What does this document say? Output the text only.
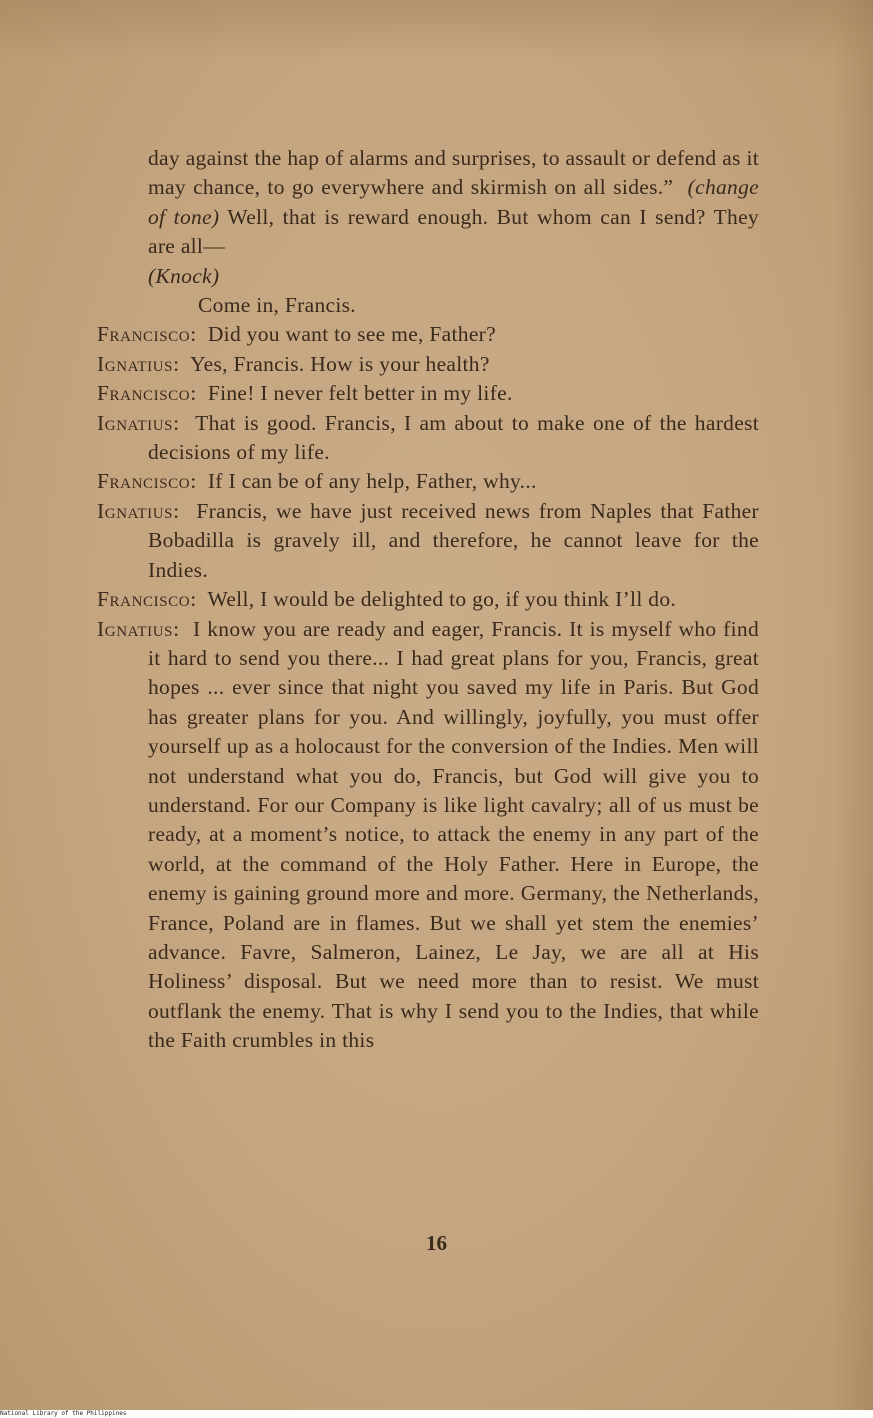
day against the hap of alarms and surprises, to assault or defend as it may chance, to go everywhere and skirmish on all sides.” (change of tone) Well, that is reward enough. But whom can I send? They are all—

(Knock)

Come in, Francis.

Francisco:  Did you want to see me, Father?

Ignatius:  Yes, Francis. How is your health?

Francisco:  Fine! I never felt better in my life.

Ignatius:  That is good. Francis, I am about to make one of the hardest decisions of my life.

Francisco:  If I can be of any help, Father, why...

Ignatius:  Francis, we have just received news from Naples that Father Bobadilla is gravely ill, and therefore, he cannot leave for the Indies.

Francisco:  Well, I would be delighted to go, if you think I’ll do.

Ignatius:  I know you are ready and eager, Francis. It is myself who find it hard to send you there... I had great plans for you, Francis, great hopes ... ever since that night you saved my life in Paris. But God has greater plans for you. And willingly, joyfully, you must offer yourself up as a holocaust for the conversion of the Indies. Men will not understand what you do, Francis, but God will give you to understand. For our Company is like light cavalry; all of us must be ready, at a moment’s notice, to attack the enemy in any part of the world, at the command of the Holy Father. Here in Europe, the enemy is gaining ground more and more. Germany, the Netherlands, France, Poland are in flames. But we shall yet stem the enemies’ advance. Favre, Salmeron, Lainez, Le Jay, we are all at His Holiness’ disposal. But we need more than to resist. We must outflank the enemy. That is why I send you to the Indies, that while the Faith crumbles in this

16
National Library of the Philippines
